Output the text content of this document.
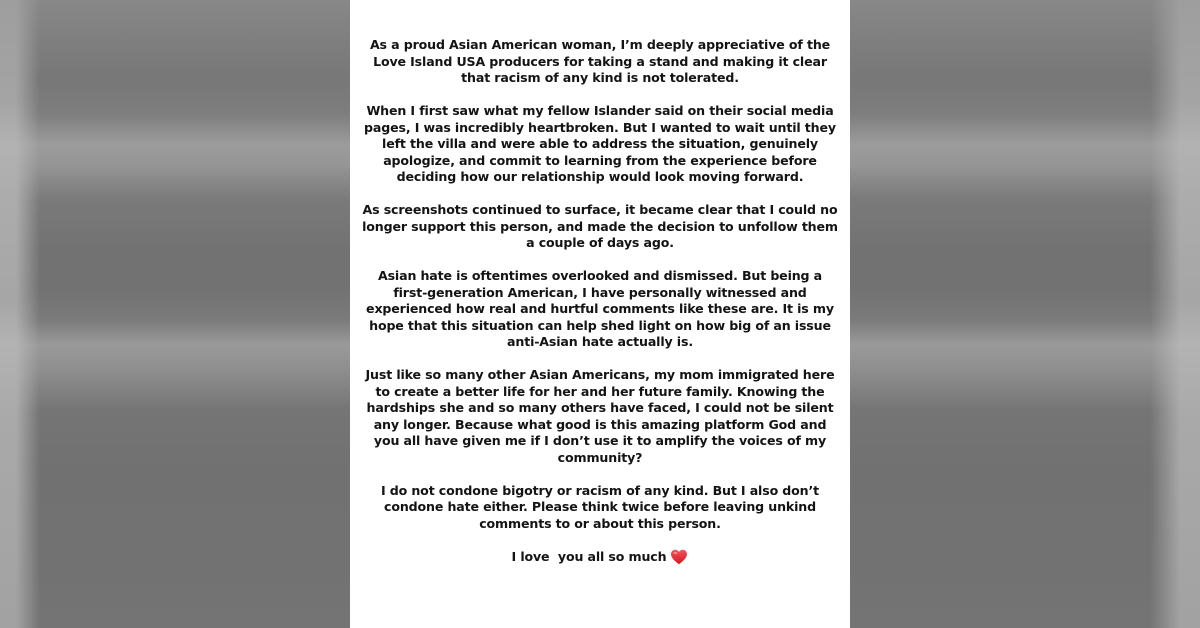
As a proud Asian American woman, I’m deeply appreciative of the Love Island USA producers for taking a stand and making it clear that racism of any kind is not tolerated.

When I first saw what my fellow Islander said on their social media pages, I was incredibly heartbroken. But I wanted to wait until they left the villa and were able to address the situation, genuinely apologize, and commit to learning from the experience before deciding how our relationship would look moving forward.

As screenshots continued to surface, it became clear that I could no longer support this person, and made the decision to unfollow them a couple of days ago.

Asian hate is oftentimes overlooked and dismissed. But being a first-generation American, I have personally witnessed and experienced how real and hurtful comments like these are. It is my hope that this situation can help shed light on how big of an issue anti-Asian hate actually is.

Just like so many other Asian Americans, my mom immigrated here to create a better life for her and her future family. Knowing the hardships she and so many others have faced, I could not be silent any longer. Because what good is this amazing platform God and you all have given me if I don’t use it to amplify the voices of my community?

I do not condone bigotry or racism of any kind. But I also don’t condone hate either. Please think twice before leaving unkind comments to or about this person.

I love  you all so much
